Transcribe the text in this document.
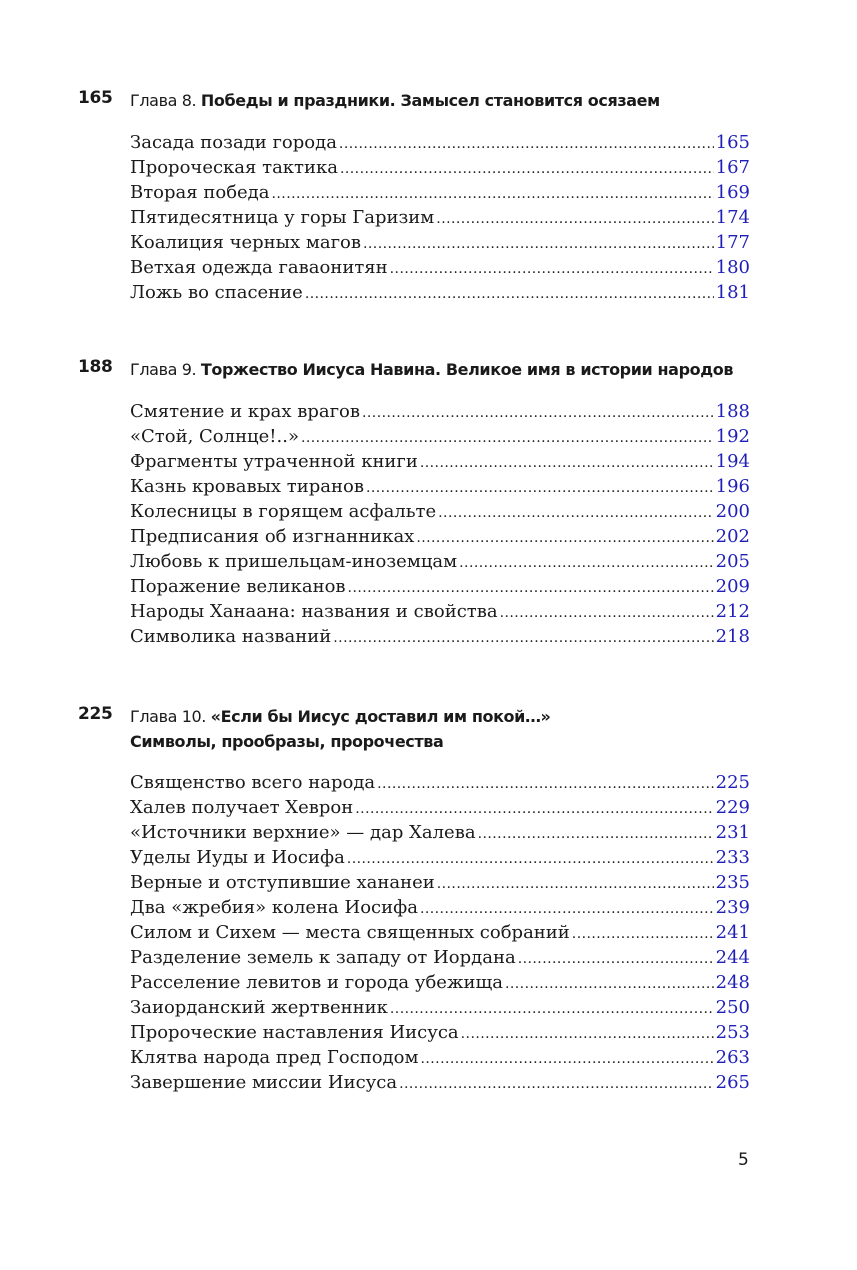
165 Глава 8. Победы и праздники. Замысел становится осязаем
Засада позади города . . .	165
Пророческая тактика . . .	167
Вторая победа . . .	169
Пятидесятница у горы Гаризим . . .	174
Коалиция черных магов . . .	177
Ветхая одежда гаваонитян . . .	180
Ложь во спасение . . .	181
188 Глава 9. Торжество Иисуса Навина. Великое имя в истории народов
Смятение и крах врагов . . .	188
«Стой, Солнце!..» . . .	192
Фрагменты утраченной книги . . .	194
Казнь кровавых тиранов . . .	196
Колесницы в горящем асфальте . . .	200
Предписания об изгнанниках . . .	202
Любовь к пришельцам-иноземцам . . .	205
Поражение великанов . . .	209
Народы Ханаана: названия и свойства . . .	212
Символика названий . . .	218
225 Глава 10. «Если бы Иисус доставил им покой…»
Символы, прообразы, пророчества
Священство всего народа . . .	225
Халев получает Хеврон . . .	229
«Источники верхние» — дар Халева . . .	231
Уделы Иуды и Иосифа . . .	233
Верные и отступившие хананеи . . .	235
Два «жребия» колена Иосифа . . .	239
Силом и Сихем — места священных собраний . . .	241
Разделение земель к западу от Иордана . . .	244
Расселение левитов и города убежища . . .	248
Заиорданский жертвенник . . .	250
Пророческие наставления Иисуса . . .	253
Клятва народа пред Господом . . .	263
Завершение миссии Иисуса . . .	265
5
